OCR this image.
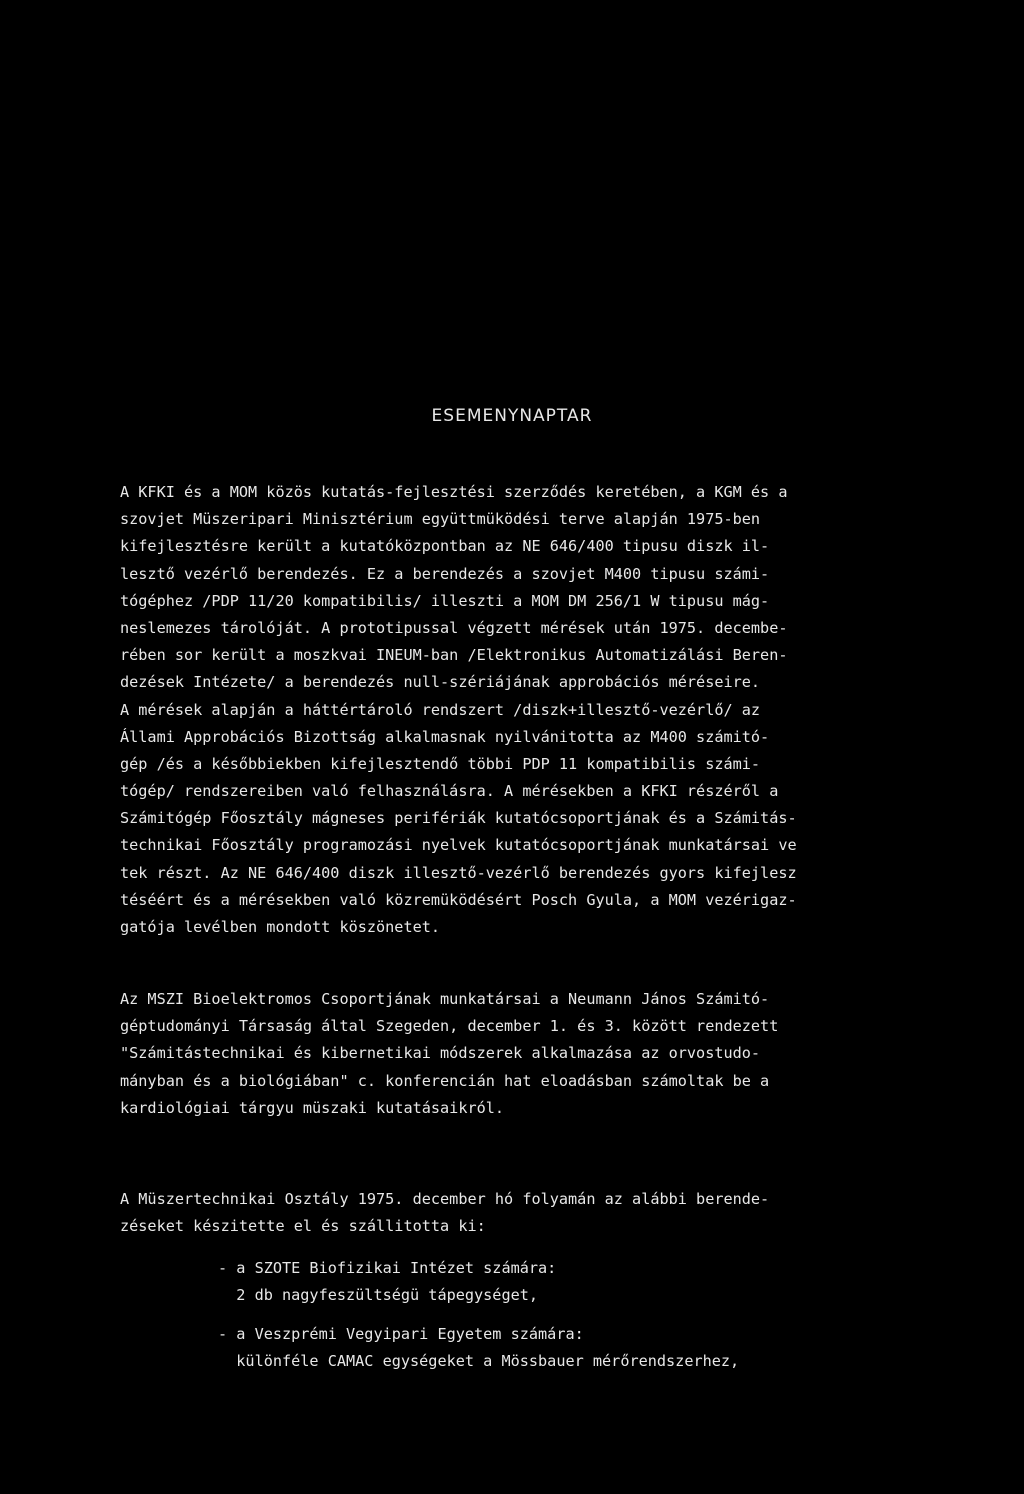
ESEMENYNAPTAR
A KFKI és a MOM közös kutatás-fejlesztési szerződés keretében, a KGM és a
szovjet Müszeripari Minisztérium együttmüködési terve alapján 1975-ben
kifejlesztésre került a kutatóközpontban az NE 646/400 tipusu diszk il-
lesztő vezérlő berendezés. Ez a berendezés a szovjet M400 tipusu számi-
tógéphez /PDP 11/20 kompatibilis/ illeszti a MOM DM 256/1 W tipusu mág-
neslemezes tárolóját. A prototipussal végzett mérések után 1975. decembe-
rében sor került a moszkvai INEUM-ban /Elektronikus Automatizálási Beren-
dezések Intézete/ a berendezés null-szériájának approbációs méréseire.
A mérések alapján a háttértároló rendszert /diszk+illesztő-vezérlő/ az
Állami Approbációs Bizottság alkalmasnak nyilvánitotta az M400 számitó-
gép /és a későbbiekben kifejlesztendő többi PDP 11 kompatibilis számi-
tógép/ rendszereiben való felhasználásra. A mérésekben a KFKI részéről a
Számitógép Főosztály mágneses perifériák kutatócsoportjának és a Számitás-
technikai Főosztály programozási nyelvek kutatócsoportjának munkatársai ve
tek részt. Az NE 646/400 diszk illesztő-vezérlő berendezés gyors kifejlesz
téséért és a mérésekben való közremüködésért Posch Gyula, a MOM vezérigaz-
gatója levélben mondott köszönetet.
Az MSZI Bioelektromos Csoportjának munkatársai a Neumann János Számitó-
géptudományi Társaság által Szegeden, december 1. és 3. között rendezett
"Számitástechnikai és kibernetikai módszerek alkalmazása az orvostudo-
mányban és a biológiában" c. konferencián hat eloadásban számoltak be a
kardiológiai tárgyu müszaki kutatásaikról.
A Müszertechnikai Osztály 1975. december hó folyamán az alábbi berende-
zéseket készitette el és szállitotta ki:
- a SZOTE Biofizikai Intézet számára:
2 db nagyfeszültségü tápegységet,
- a Veszprémi Vegyipari Egyetem számára:
különféle CAMAC egységeket a Mössbauer mérőrendszerhez,
